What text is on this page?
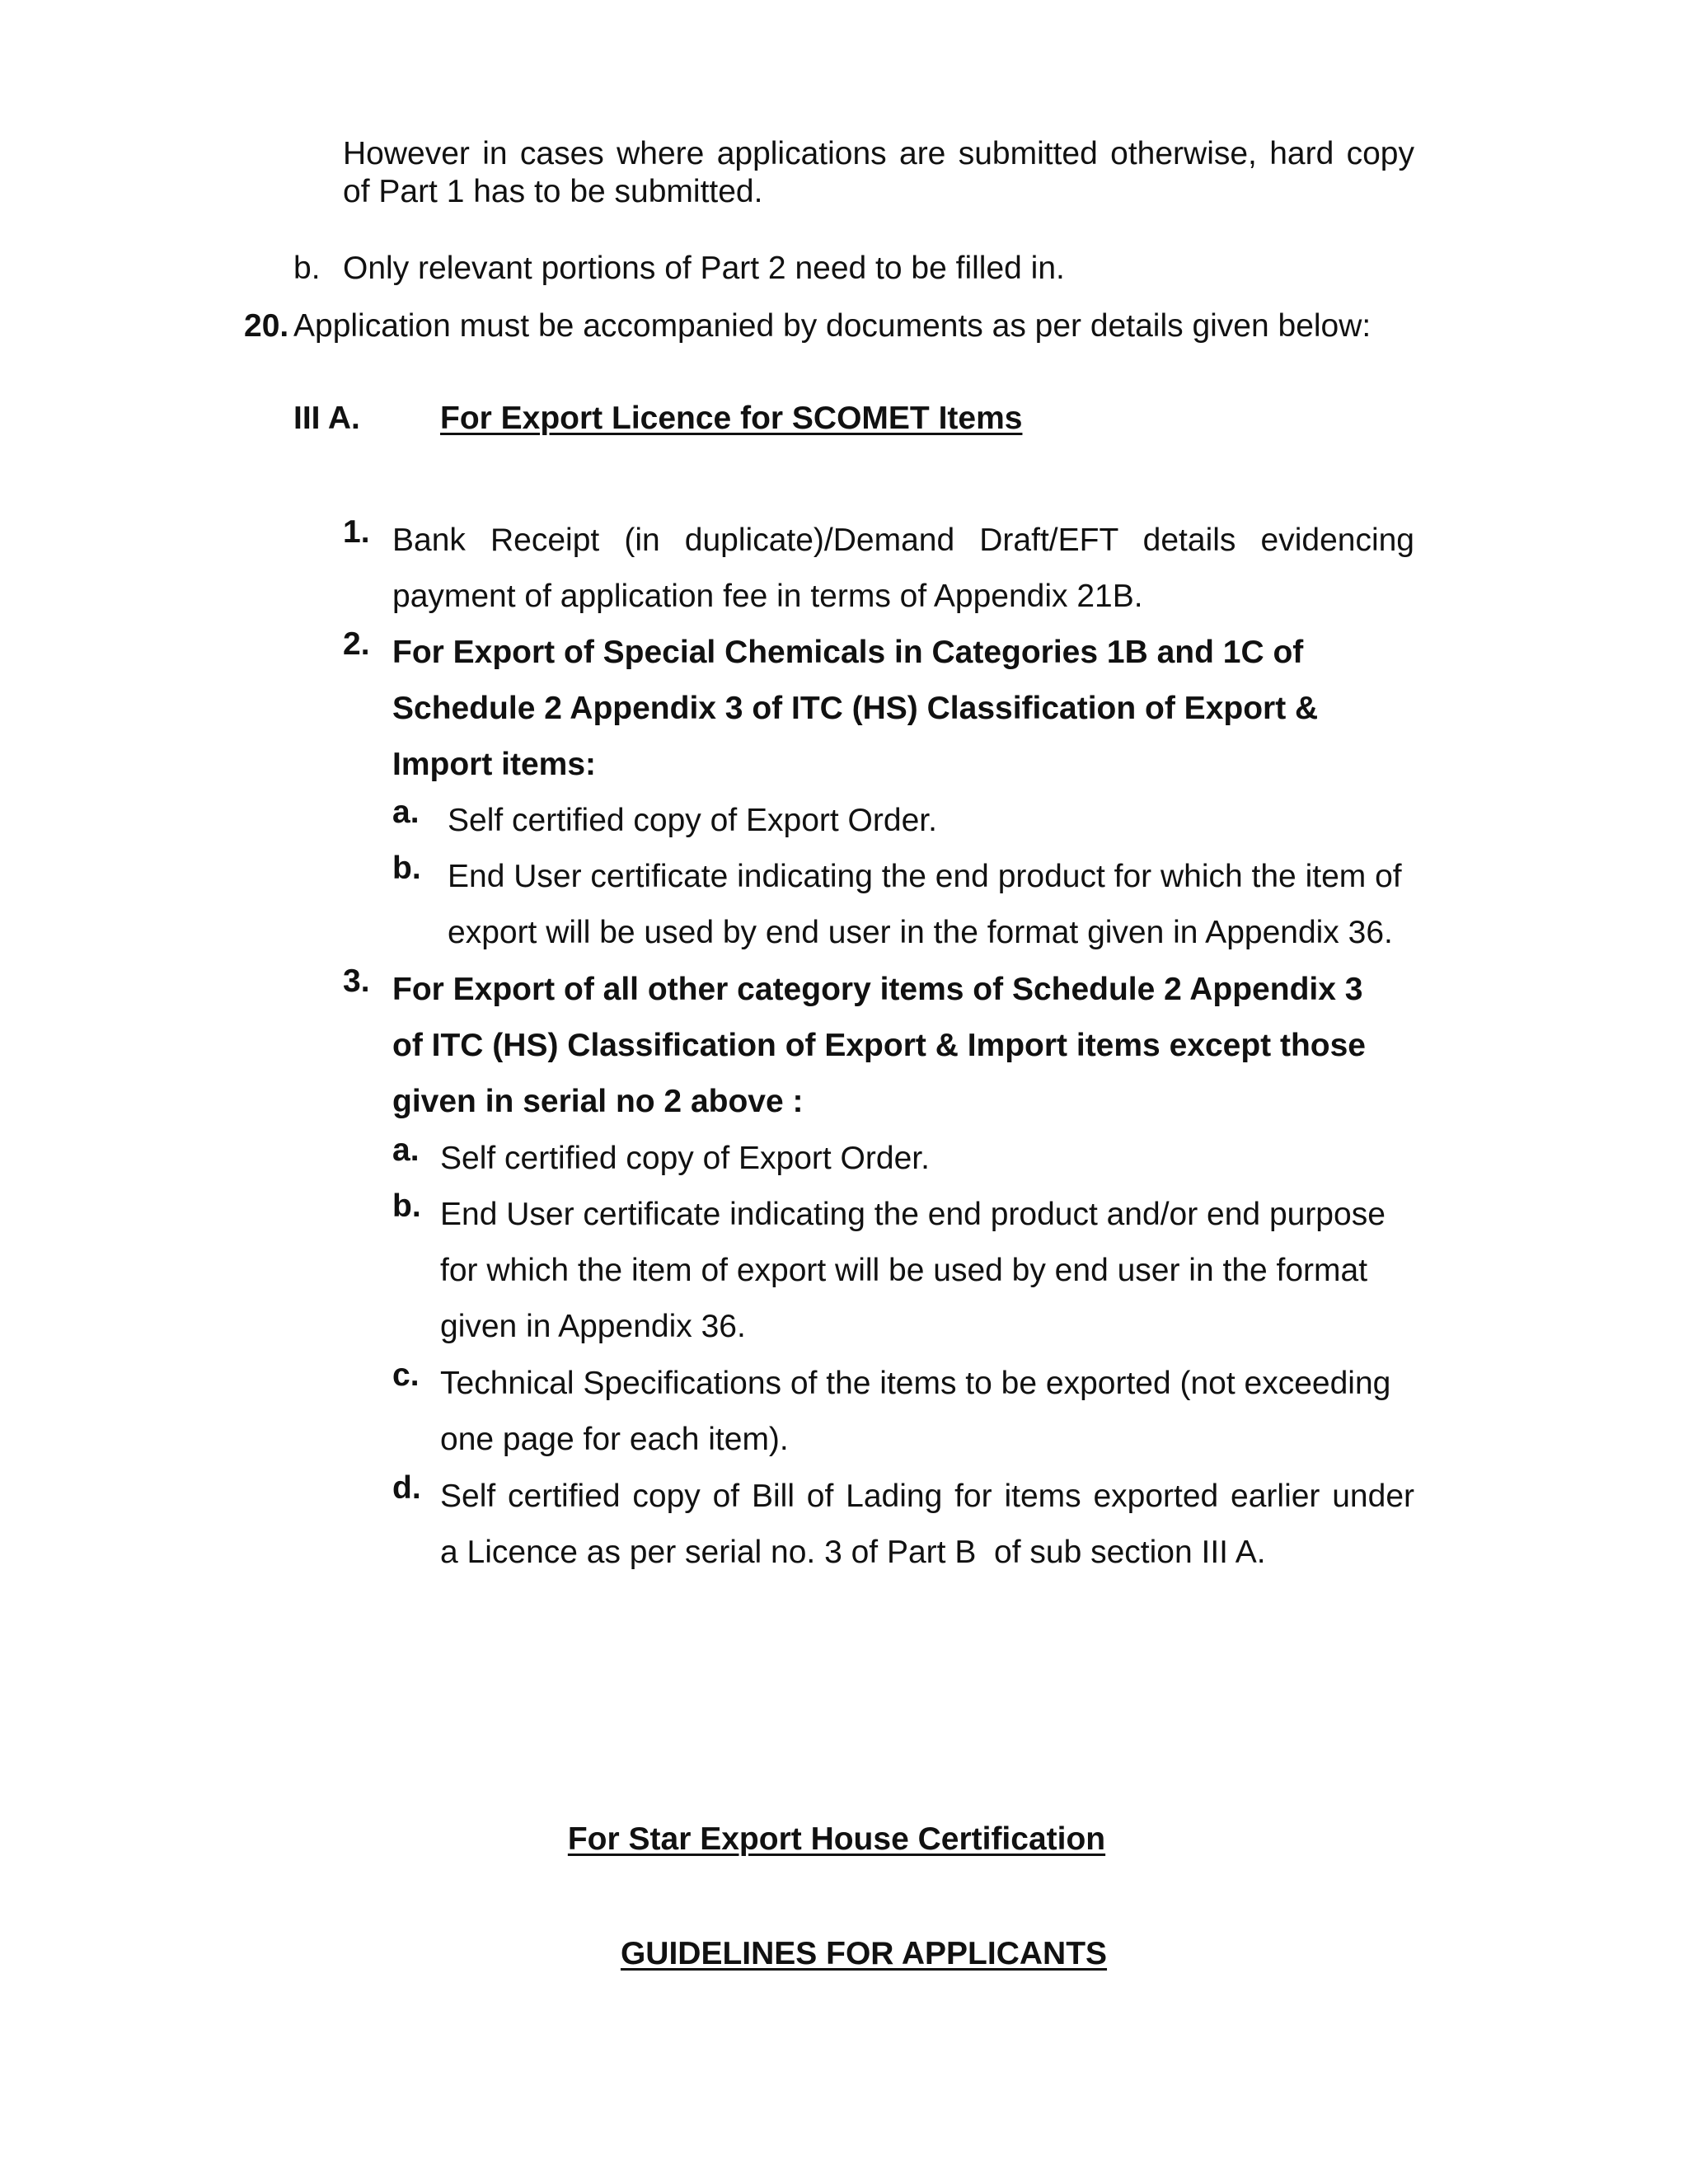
However in cases where applications are submitted otherwise, hard copy of Part 1 has to be submitted.
b. Only relevant portions of Part 2 need to be filled in.
20. Application must be accompanied by documents as per details given below:
III A. For Export Licence for SCOMET Items
1. Bank Receipt (in duplicate)/Demand Draft/EFT details evidencing
payment of application fee in terms of Appendix 21B.
2. For Export of Special Chemicals in Categories 1B and 1C of
Schedule 2 Appendix 3 of ITC (HS) Classification of Export &
Import items:
a. Self certified copy of Export Order.
b. End User certificate indicating the end product for which the item of
export will be used by end user in the format given in Appendix 36.
3. For Export of all other category items of Schedule 2 Appendix 3
of ITC (HS) Classification of Export & Import items except those
given in serial no 2 above :
a. Self certified copy of Export Order.
b. End User certificate indicating the end product and/or end purpose
for which the item of export will be used by end user in the format
given in Appendix 36.
c. Technical Specifications of the items to be exported (not exceeding
one page for each item).
d. Self certified copy of Bill of Lading for items exported earlier under
a Licence as per serial no. 3 of Part B  of sub section III A.
For Star Export House Certification
GUIDELINES FOR APPLICANTS
